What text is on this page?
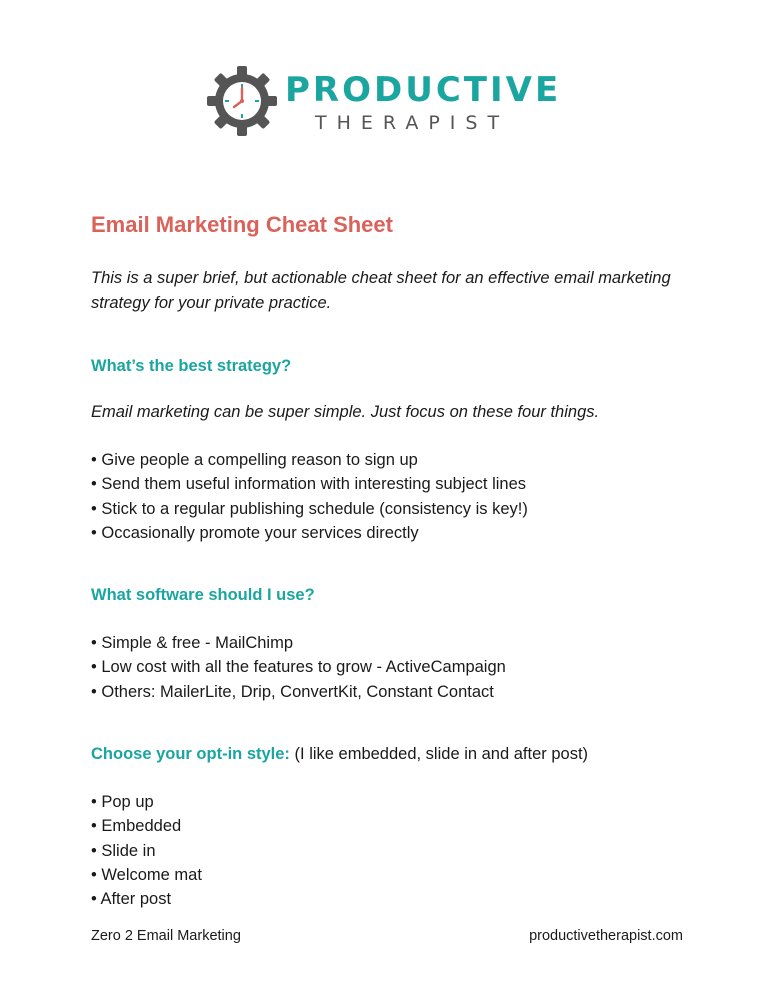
PRODUCTIVE
THERAPIST
Email Marketing Cheat Sheet

This is a super brief, but actionable cheat sheet for an effective email marketing strategy for your private practice.

What’s the best strategy?

Email marketing can be super simple. Just focus on these four things.

• Give people a compelling reason to sign up
• Send them useful information with interesting subject lines
• Stick to a regular publishing schedule (consistency is key!)
• Occasionally promote your services directly
What software should I use?
• Simple & free - MailChimp
• Low cost with all the features to grow - ActiveCampaign
• Others: MailerLite, Drip, ConvertKit, Constant Contact

Choose your opt-in style: (I like embedded, slide in and after post)

• Pop up
• Embedded
• Slide in
• Welcome mat
• After post
Zero 2 Email Marketing	productivetherapist.com
